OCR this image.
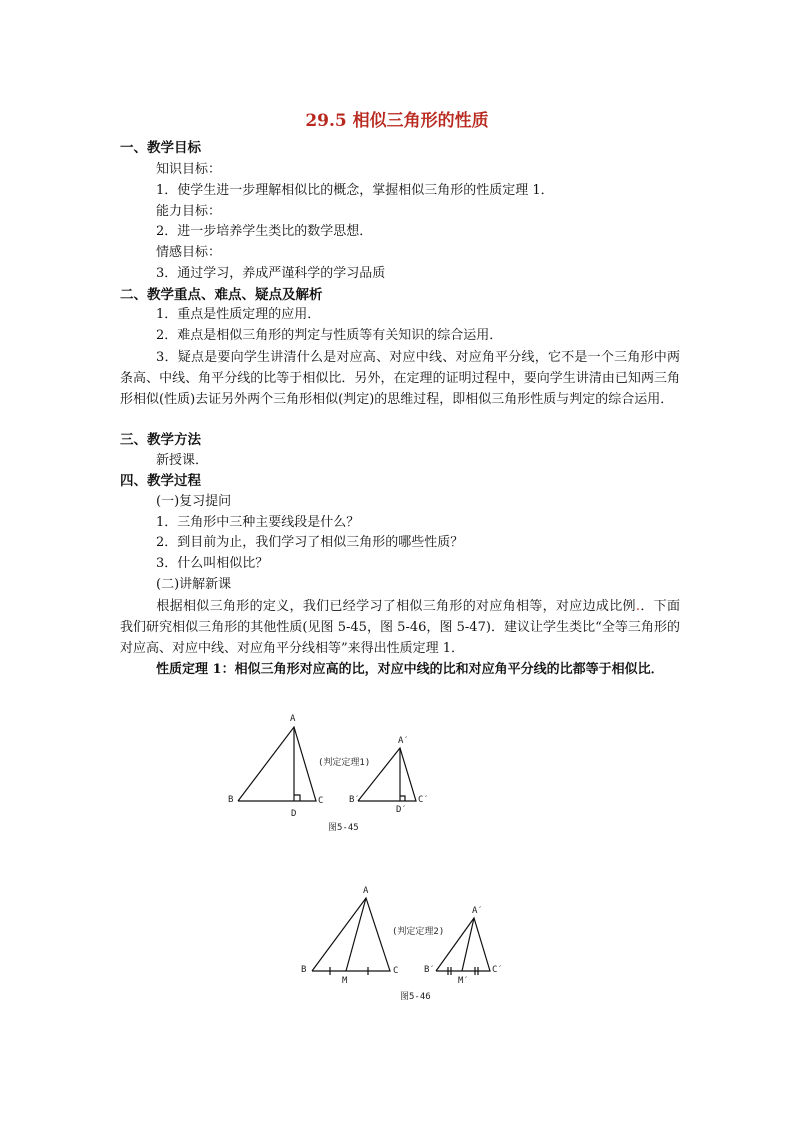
29.5 相似三角形的性质
一、教学目标
知识目标：
1．使学生进一步理解相似比的概念，掌握相似三角形的性质定理 1．
能力目标：
2．进一步培养学生类比的数学思想．
情感目标：
3．通过学习，养成严谨科学的学习品质
二、教学重点、难点、疑点及解析
1．重点是性质定理的应用．
2．难点是相似三角形的判定与性质等有关知识的综合运用．
3．疑点是要向学生讲清什么是对应高、对应中线、对应角平分线，它不是一个三角形中两条高、中线、角平分线的比等于相似比．另外，在定理的证明过程中，要向学生讲清由已知两三角形相似(性质)去证另外两个三角形相似(判定)的思维过程，即相似三角形性质与判定的综合运用．
三、教学方法
新授课．
四、教学过程
(一)复习提问
1．三角形中三种主要线段是什么？
2．到目前为止，我们学习了相似三角形的哪些性质？
3．什么叫相似比？
(二)讲解新课
根据相似三角形的定义，我们已经学习了相似三角形的对应角相等，对应边成比例.．下面我们研究相似三角形的其他性质(见图 5-45，图 5-46，图 5-47)．建议让学生类比“全等三角形的对应高、对应中线、对应角平分线相等”来得出性质定理 1．
性质定理 1：相似三角形对应高的比，对应中线的比和对应角平分线的比都等于相似比．
A
B	C
D
A′
B′	C′
D′
(判定定理1)
图5-45
A
B	C
M
A′
B′	C′
M′
(判定定理2)
图5-46
